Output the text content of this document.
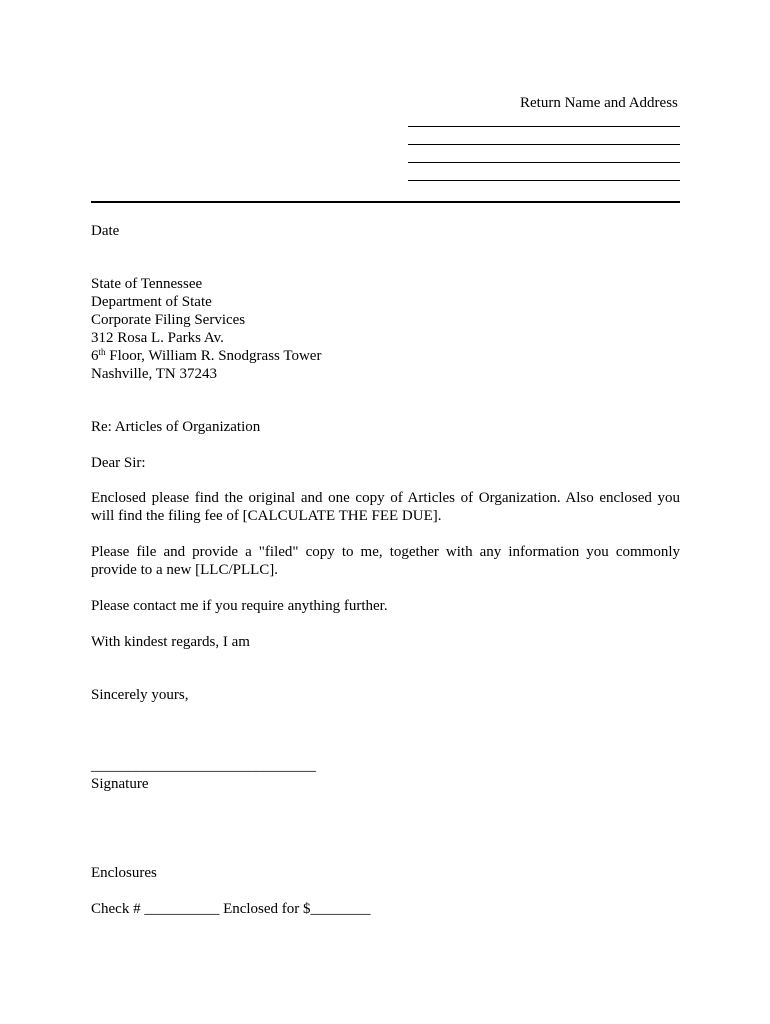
Return Name and Address
Date
State of Tennessee
Department of State
Corporate Filing Services
312 Rosa L. Parks Av.
6th Floor, William R. Snodgrass Tower
Nashville, TN 37243
Re: Articles of Organization
Dear Sir:
Enclosed please find the original and one copy of Articles of Organization. Also enclosed you will find the filing fee of [CALCULATE THE FEE DUE].
Please file and provide a "filed" copy to me, together with any information you commonly provide to a new [LLC/PLLC].
Please contact me if you require anything further.
With kindest regards, I am
Sincerely yours,
______________________________
Signature
Enclosures
Check # __________ Enclosed for $________
